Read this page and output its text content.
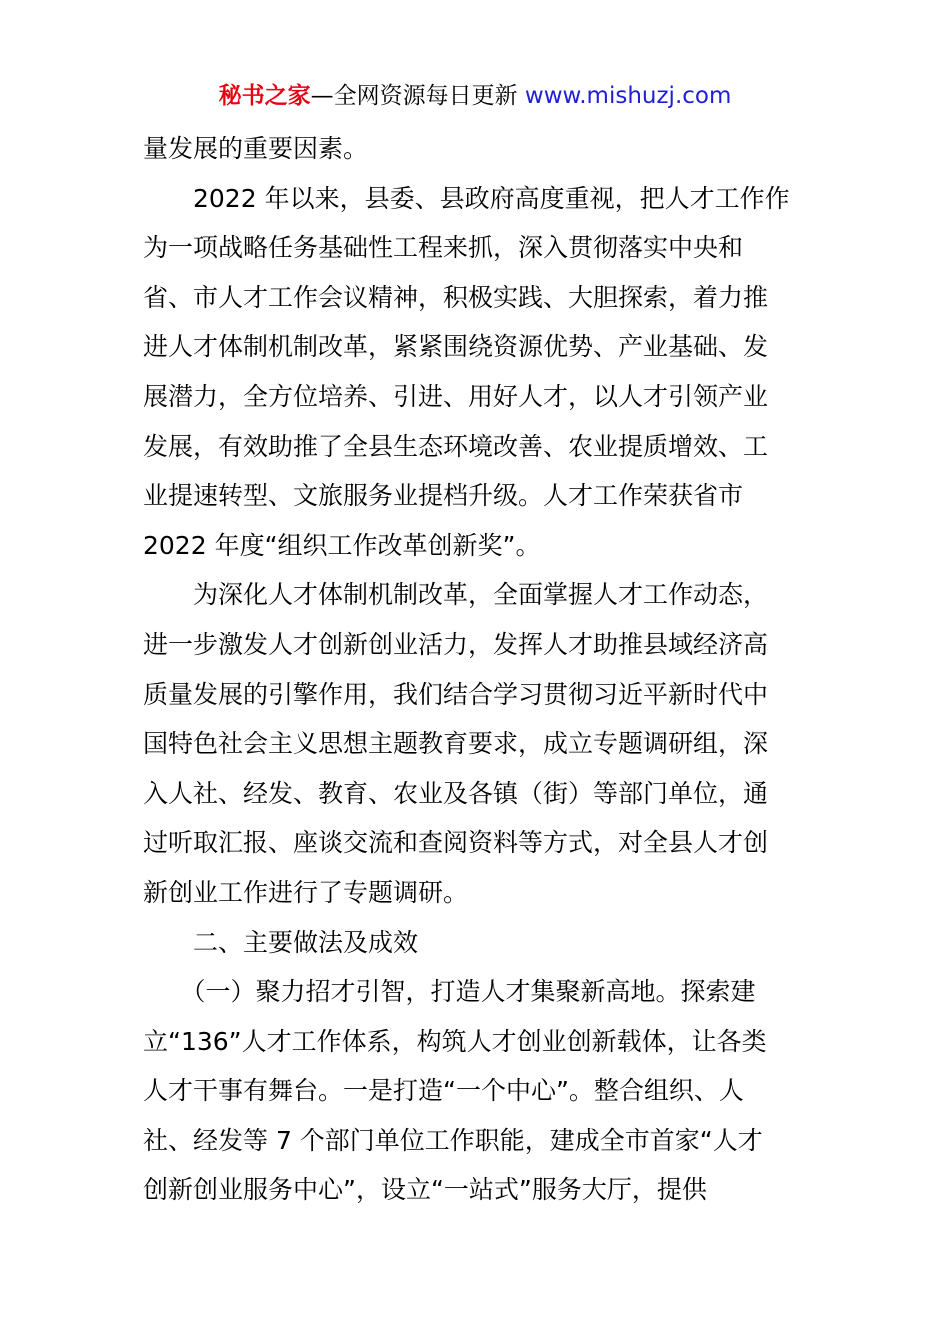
秘书之家—全网资源每日更新 www.mishuzj.com

量发展的重要因素。

　　2022 年以来，县委、县政府高度重视，把人才工作作

为一项战略任务基础性工程来抓，深入贯彻落实中央和

省、市人才工作会议精神，积极实践、大胆探索，着力推

进人才体制机制改革，紧紧围绕资源优势、产业基础、发

展潜力，全方位培养、引进、用好人才，以人才引领产业

发展，有效助推了全县生态环境改善、农业提质增效、工

业提速转型、文旅服务业提档升级。人才工作荣获省市

2022 年度“组织工作改革创新奖”。

　　为深化人才体制机制改革，全面掌握人才工作动态，

进一步激发人才创新创业活力，发挥人才助推县域经济高

质量发展的引擎作用，我们结合学习贯彻习近平新时代中

国特色社会主义思想主题教育要求，成立专题调研组，深

入人社、经发、教育、农业及各镇（街）等部门单位，通

过听取汇报、座谈交流和查阅资料等方式，对全县人才创

新创业工作进行了专题调研。

　　二、主要做法及成效

　　（一）聚力招才引智，打造人才集聚新高地。探索建

立“136”人才工作体系，构筑人才创业创新载体，让各类

人才干事有舞台。一是打造“一个中心”。整合组织、人

社、经发等 7 个部门单位工作职能，建成全市首家“人才

创新创业服务中心”，设立“一站式”服务大厅，提供
